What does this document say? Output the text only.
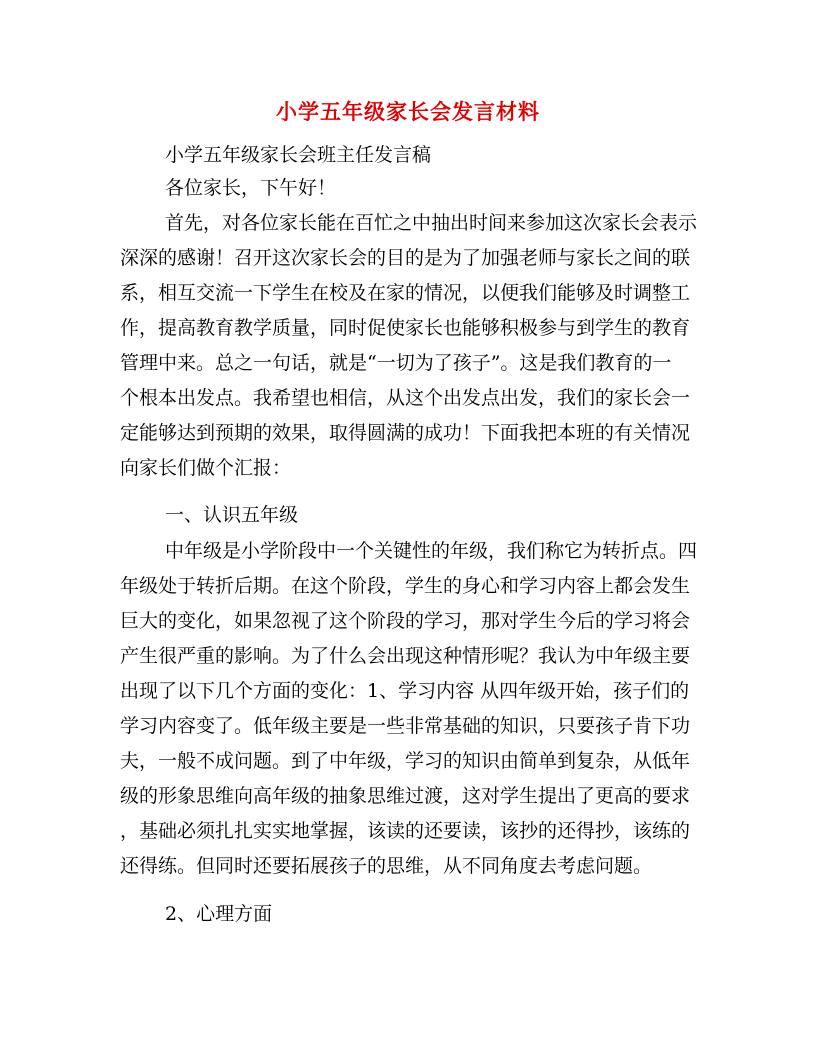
小学五年级家长会发言材料

小学五年级家长会班主任发言稿

各位家长，下午好！

首先，对各位家长能在百忙之中抽出时间来参加这次家长会表示

深深的感谢！召开这次家长会的目的是为了加强老师与家长之间的联

系，相互交流一下学生在校及在家的情况，以便我们能够及时调整工

作，提高教育教学质量，同时促使家长也能够积极参与到学生的教育

管理中来。总之一句话，就是“一切为了孩子”。这是我们教育的一

个根本出发点。我希望也相信，从这个出发点出发，我们的家长会一

定能够达到预期的效果，取得圆满的成功！下面我把本班的有关情况

向家长们做个汇报：

一、认识五年级

中年级是小学阶段中一个关键性的年级，我们称它为转折点。四

年级处于转折后期。在这个阶段，学生的身心和学习内容上都会发生

巨大的变化，如果忽视了这个阶段的学习，那对学生今后的学习将会

产生很严重的影响。为了什么会出现这种情形呢？我认为中年级主要

出现了以下几个方面的变化：1、学习内容 从四年级开始，孩子们的

学习内容变了。低年级主要是一些非常基础的知识，只要孩子肯下功

夫，一般不成问题。到了中年级，学习的知识由简单到复杂，从低年

级的形象思维向高年级的抽象思维过渡，这对学生提出了更高的要求

，基础必须扎扎实实地掌握，该读的还要读，该抄的还得抄，该练的

还得练。但同时还要拓展孩子的思维，从不同角度去考虑问题。

2、心理方面
